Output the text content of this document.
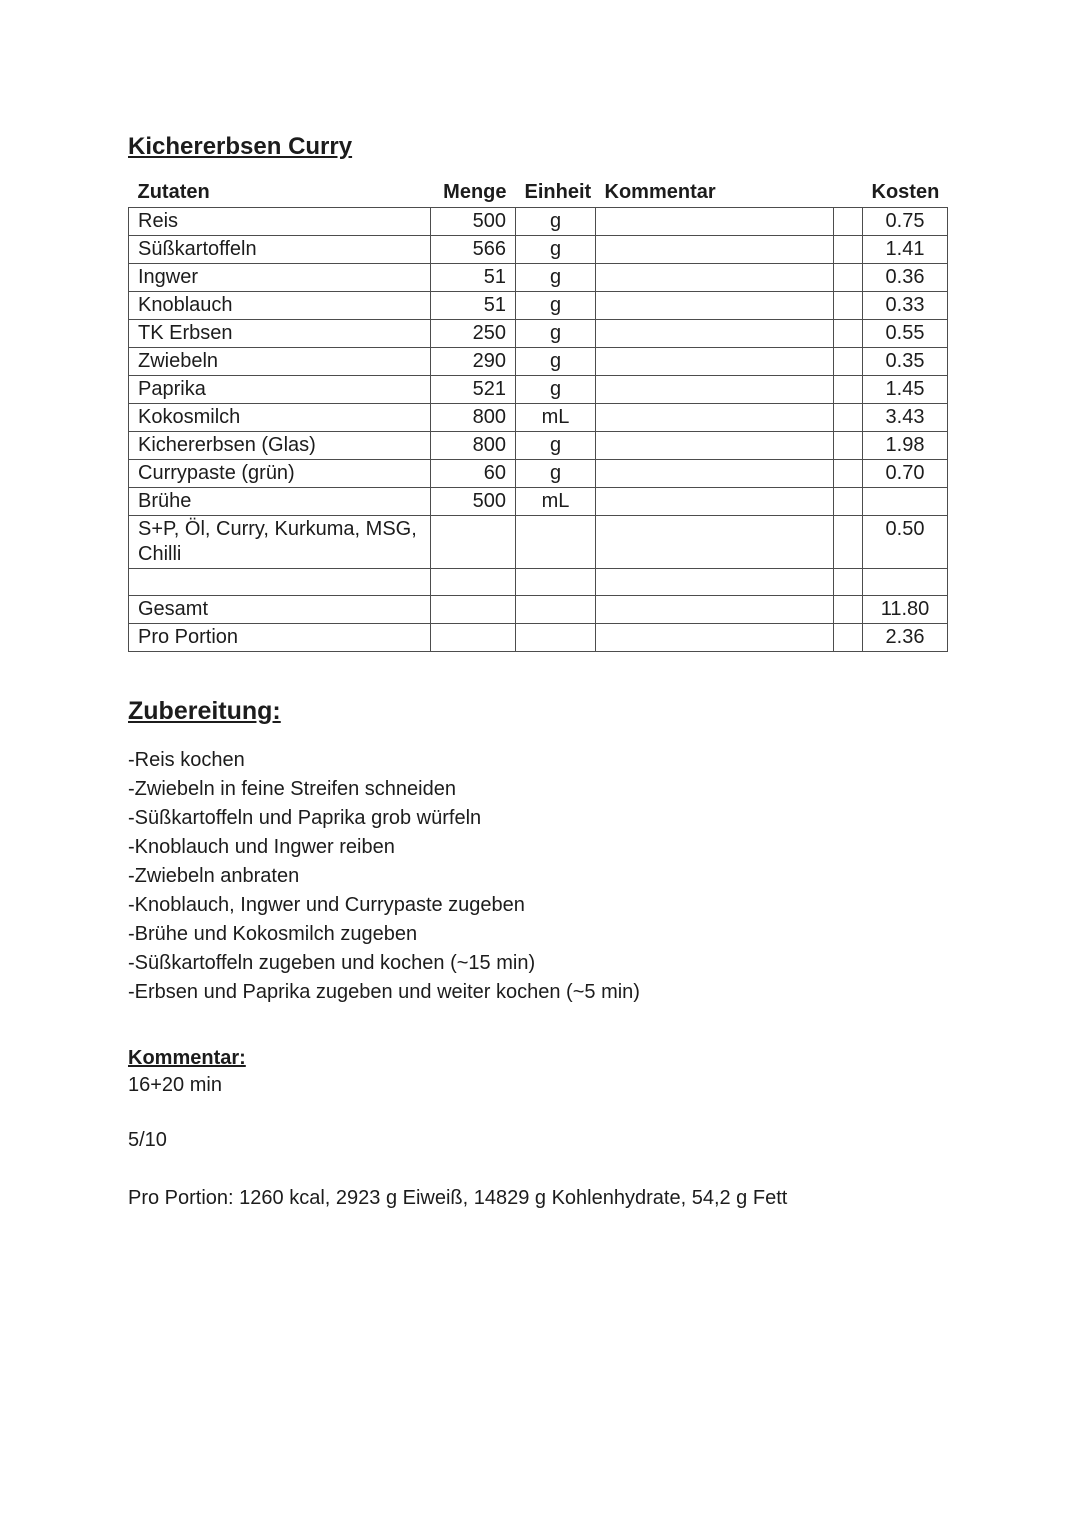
Kichererbsen Curry
Zutaten	Menge	Einheit	Kommentar		Kosten
Reis	500	g			0.75
Süßkartoffeln	566	g			1.41
Ingwer	51	g			0.36
Knoblauch	51	g			0.33
TK Erbsen	250	g			0.55
Zwiebeln	290	g			0.35
Paprika	521	g			1.45
Kokosmilch	800	mL			3.43
Kichererbsen (Glas)	800	g			1.98
Currypaste (grün)	60	g			0.70
Brühe	500	mL			
S+P, Öl, Curry, Kurkuma, MSG, Chilli					0.50

Gesamt					11.80
Pro Portion					2.36
Zubereitung:
-Reis kochen
-Zwiebeln in feine Streifen schneiden
-Süßkartoffeln und Paprika grob würfeln
-Knoblauch und Ingwer reiben
-Zwiebeln anbraten
-Knoblauch, Ingwer und Currypaste zugeben
-Brühe und Kokosmilch zugeben
-Süßkartoffeln zugeben und kochen (~15 min)
-Erbsen und Paprika zugeben und weiter kochen (~5 min)
Kommentar:
16+20 min
5/10
Pro Portion: 1260 kcal, 2923 g Eiweiß, 14829 g Kohlenhydrate, 54,2 g Fett
